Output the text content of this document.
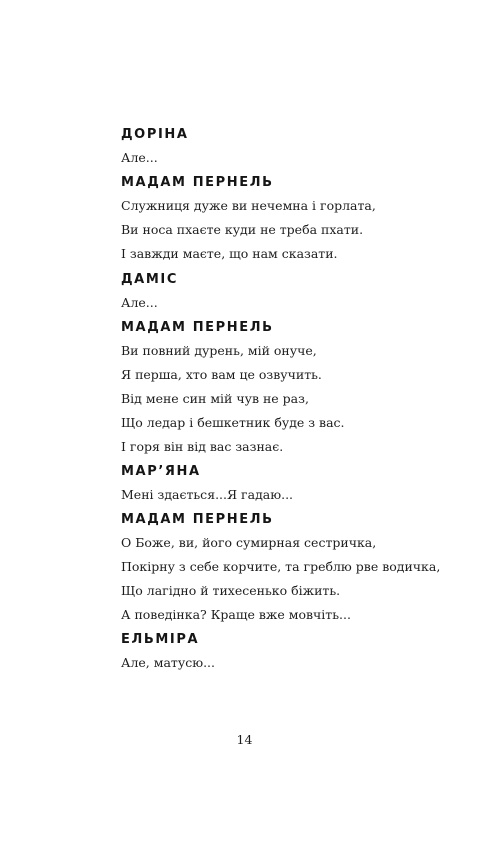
ДОРІНА
Але...
МАДАМ ПЕРНЕЛЬ
Служниця дуже ви нечемна і горлата,
Ви носа пхаєте куди не треба пхати.
І завжди маєте, що нам сказати.
ДАМІС
Але...
МАДАМ ПЕРНЕЛЬ
Ви повний дурень, мій онуче,
Я перша, хто вам це озвучить.
Від мене син мій чув не раз,
Що ледар і бешкетник буде з вас.
І горя він від вас зазнає.
МАР’ЯНА
Мені здається...Я гадаю...
МАДАМ ПЕРНЕЛЬ
О Боже, ви, його сумирная сестричка,
Покірну з себе корчите, та греблю рве водичка,
Що лагідно й тихесенько біжить.
А поведінка? Краще вже мовчіть...
ЕЛЬМІРА
Але, матусю...
14
